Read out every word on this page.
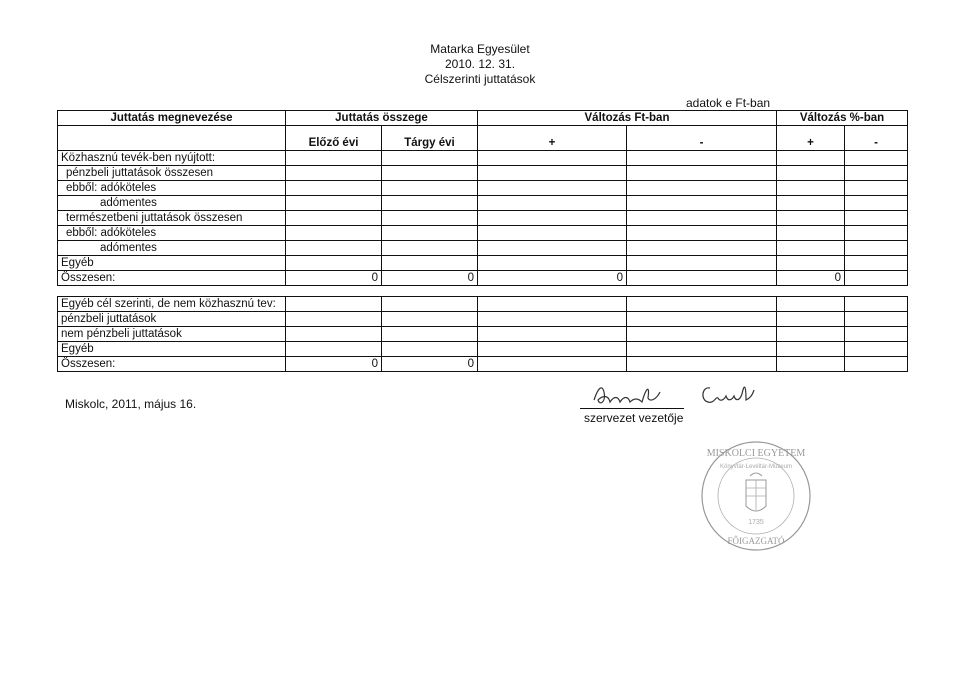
Matarka Egyesület
2010. 12. 31.
Célszerinti juttatások
adatok e Ft-ban
Juttatás megnevezése	Juttatás összege		Változás Ft-ban		Változás %-ban	
	Előző évi	Tárgy évi	+	-	+	-
Közhasznú tevék-ben nyújtott:						
pénzbeli juttatások összesen						
ebből: adóköteles						
adómentes						
természetbeni juttatások összesen						
ebből: adóköteles						
adómentes						
Egyéb						
Összesen:	0	0	0		0	
Egyéb cél szerinti, de nem közhasznú tev:						
pénzbeli juttatások						
nem pénzbeli juttatások						
Egyéb						
Összesen:	0	0				
Miskolc, 2011, május 16.
szervezet vezetője
MISKOLCI EGYETEM
Könyvtár-Levéltár-Múzeum
1735
FŐIGAZGATÓ
